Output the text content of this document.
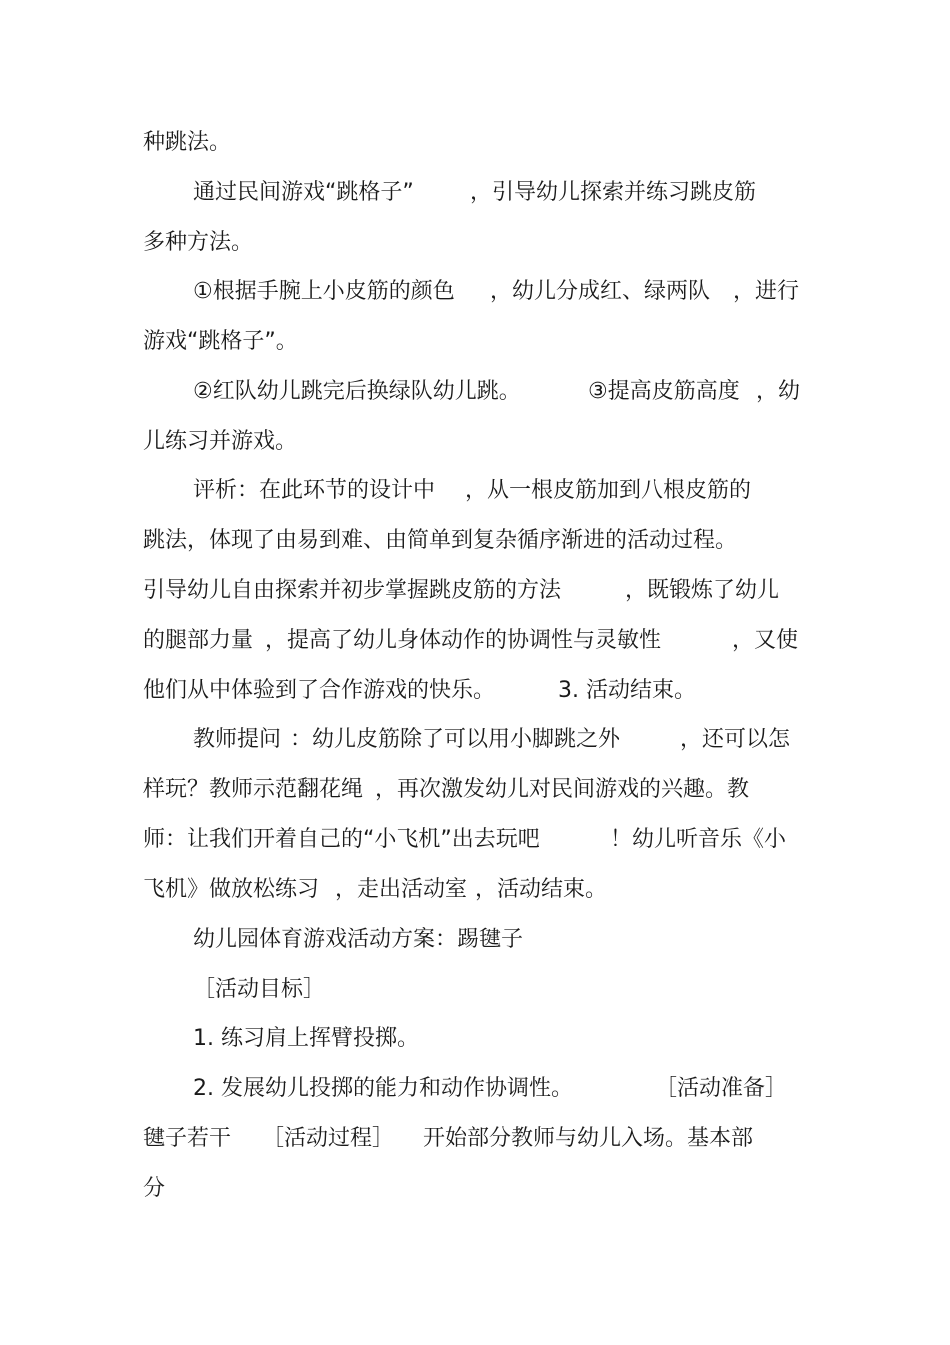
种跳法。
通过民间游戏“跳格子”	，引导幼儿探索并练习跳皮筋
多种方法。
①根据手腕上小皮筋的颜色 ，幼儿分成红、绿两队 ，进行
游戏“跳格子”。
②红队幼儿跳完后换绿队幼儿跳。	③提高皮筋高度 ，幼
儿练习并游戏。
评析：在此环节的设计中 ，从一根皮筋加到八根皮筋的
跳法，体现了由易到难、由简单到复杂循序渐进的活动过程。
引导幼儿自由探索并初步掌握跳皮筋的方法	，既锻炼了幼儿
的腿部力量 ，提高了幼儿身体动作的协调性与灵敏性	，又使
他们从中体验到了合作游戏的快乐。	3. 活动结束。
教师提问 ：幼儿皮筋除了可以用小脚跳之外	，还可以怎
样玩？教师示范翻花绳 ，再次激发幼儿对民间游戏的兴趣。教
师：让我们开着自己的“小飞机”出去玩吧	！幼儿听音乐《小
飞机》做放松练习 ，走出活动室 ，活动结束。
幼儿园体育游戏活动方案：踢毽子
［活动目标］
1. 练习肩上挥臂投掷。
2. 发展幼儿投掷的能力和动作协调性。	［活动准备］
毽子若干 ［活动过程］ 开始部分教师与幼儿入场。基本部
分
